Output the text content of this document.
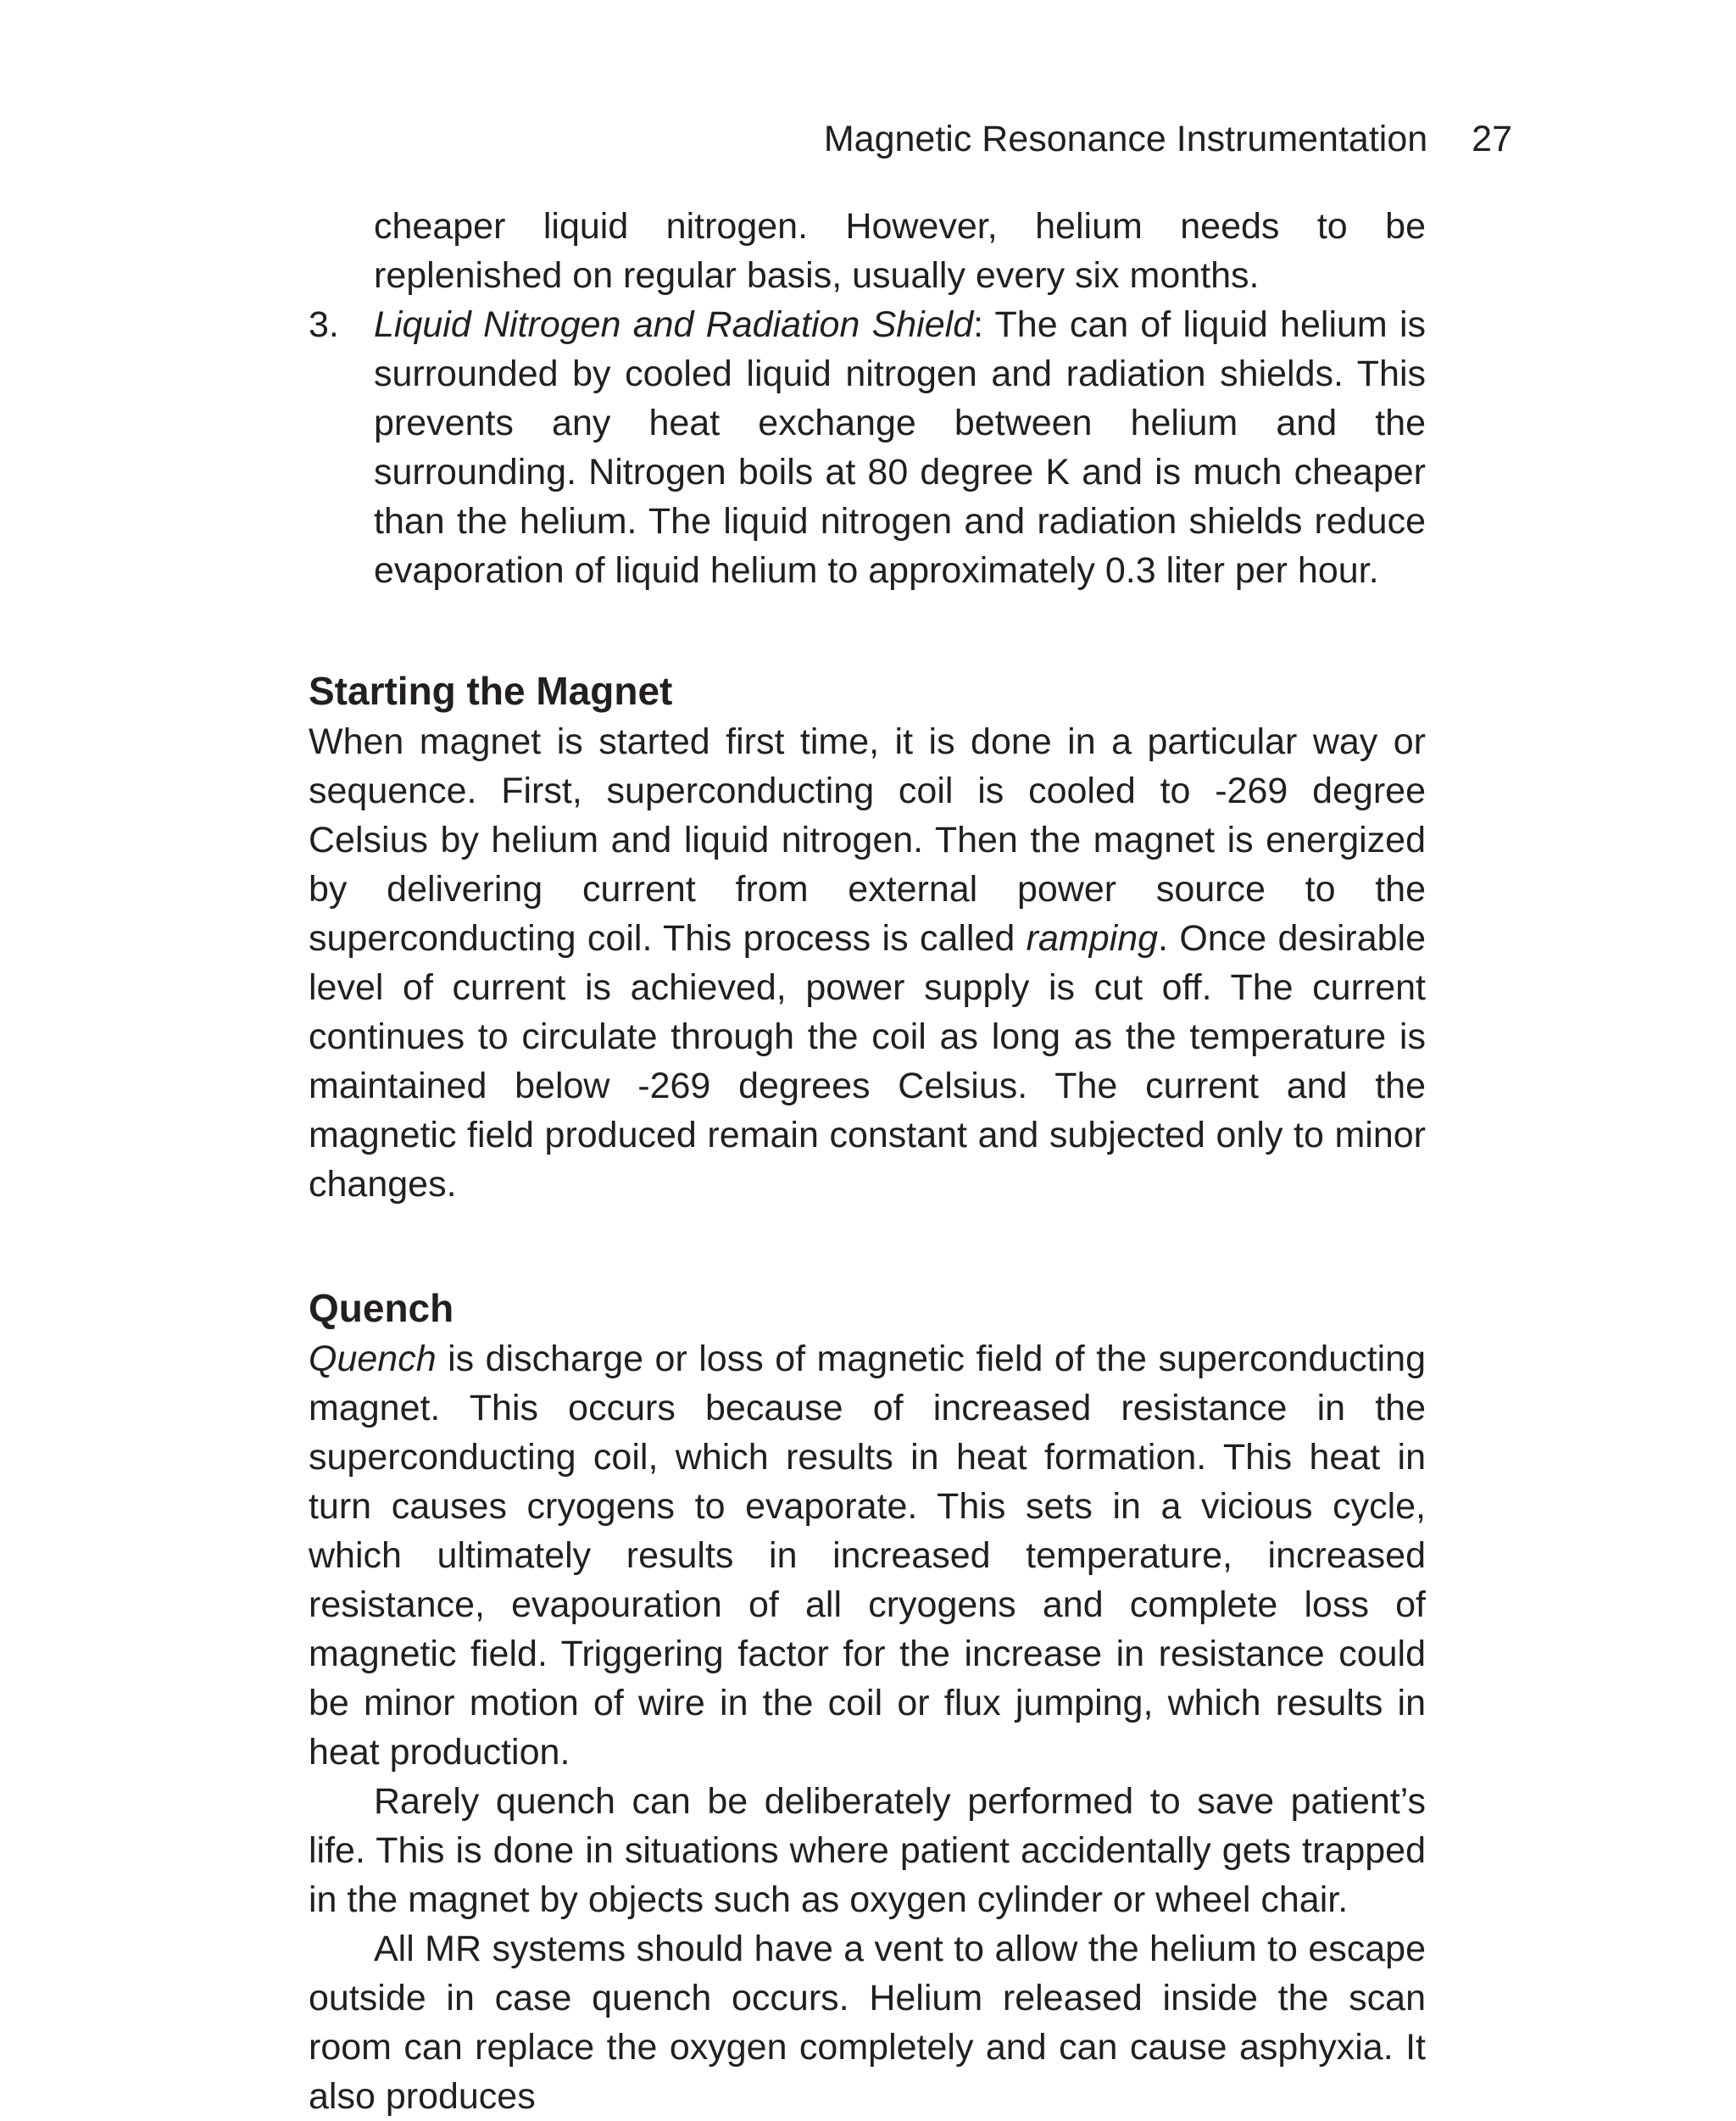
Magnetic Resonance Instrumentation 27

cheaper liquid nitrogen. However, helium needs to be replenished on regular basis, usually every six months.

3. Liquid Nitrogen and Radiation Shield: The can of liquid helium is surrounded by cooled liquid nitrogen and radiation shields. This prevents any heat exchange between helium and the surrounding. Nitrogen boils at 80 degree K and is much cheaper than the helium. The liquid nitrogen and radiation shields reduce evaporation of liquid helium to approximately 0.3 liter per hour.
Starting the Magnet

When magnet is started first time, it is done in a particular way or sequence. First, superconducting coil is cooled to -269 degree Celsius by helium and liquid nitrogen. Then the magnet is energized by delivering current from external power source to the superconducting coil. This process is called ramping. Once desirable level of current is achieved, power supply is cut off. The current continues to circulate through the coil as long as the temperature is maintained below -269 degrees Celsius. The current and the magnetic field produced remain constant and subjected only to minor changes.

Quench

Quench is discharge or loss of magnetic field of the superconducting magnet. This occurs because of increased resistance in the superconducting coil, which results in heat formation. This heat in turn causes cryogens to evaporate. This sets in a vicious cycle, which ultimately results in increased temperature, increased resistance, evapouration of all cryogens and complete loss of magnetic field. Triggering factor for the increase in resistance could be minor motion of wire in the coil or flux jumping, which results in heat production.

Rarely quench can be deliberately performed to save patient’s life. This is done in situations where patient accidentally gets trapped in the magnet by objects such as oxygen cylinder or wheel chair.

All MR systems should have a vent to allow the helium to escape outside in case quench occurs. Helium released inside the scan room can replace the oxygen completely and can cause asphyxia. It also produces
